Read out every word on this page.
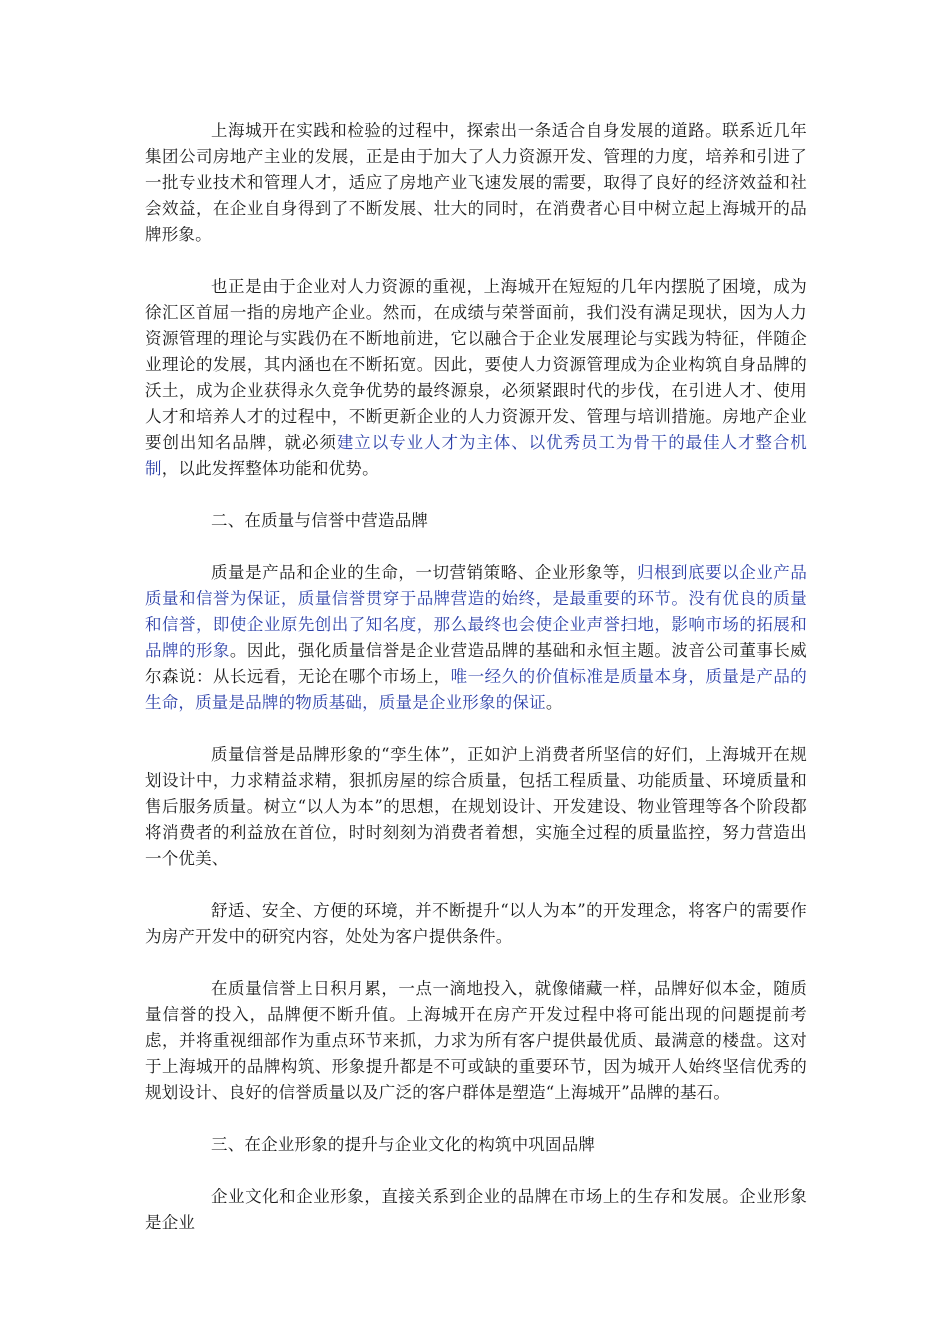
上海城开在实践和检验的过程中，探索出一条适合自身发展的道路。联系近几年集团公司房地产主业的发展，正是由于加大了人力资源开发、管理的力度，培养和引进了一批专业技术和管理人才，适应了房地产业飞速发展的需要，取得了良好的经济效益和社会效益，在企业自身得到了不断发展、壮大的同时，在消费者心目中树立起上海城开的品牌形象。

也正是由于企业对人力资源的重视，上海城开在短短的几年内摆脱了困境，成为徐汇区首屈一指的房地产企业。然而，在成绩与荣誉面前，我们没有满足现状，因为人力资源管理的理论与实践仍在不断地前进，它以融合于企业发展理论与实践为特征，伴随企业理论的发展，其内涵也在不断拓宽。因此，要使人力资源管理成为企业构筑自身品牌的沃土，成为企业获得永久竞争优势的最终源泉，必须紧跟时代的步伐，在引进人才、使用人才和培养人才的过程中，不断更新企业的人力资源开发、管理与培训措施。房地产企业要创出知名品牌，就必须建立以专业人才为主体、以优秀员工为骨干的最佳人才整合机制，以此发挥整体功能和优势。

二、在质量与信誉中营造品牌

质量是产品和企业的生命，一切营销策略、企业形象等，归根到底要以企业产品质量和信誉为保证，质量信誉贯穿于品牌营造的始终，是最重要的环节。没有优良的质量和信誉，即使企业原先创出了知名度，那么最终也会使企业声誉扫地，影响市场的拓展和品牌的形象。因此，强化质量信誉是企业营造品牌的基础和永恒主题。波音公司董事长威尔森说：从长远看，无论在哪个市场上，唯一经久的价值标准是质量本身，质量是产品的生命，质量是品牌的物质基础，质量是企业形象的保证。

质量信誉是品牌形象的“孪生体”，正如沪上消费者所坚信的好们，上海城开在规划设计中，力求精益求精，狠抓房屋的综合质量，包括工程质量、功能质量、环境质量和售后服务质量。树立“以人为本”的思想，在规划设计、开发建设、物业管理等各个阶段都将消费者的利益放在首位，时时刻刻为消费者着想，实施全过程的质量监控，努力营造出一个优美、

舒适、安全、方便的环境，并不断提升“以人为本”的开发理念，将客户的需要作为房产开发中的研究内容，处处为客户提供条件。

在质量信誉上日积月累，一点一滴地投入，就像储藏一样，品牌好似本金，随质量信誉的投入，品牌便不断升值。上海城开在房产开发过程中将可能出现的问题提前考虑，并将重视细部作为重点环节来抓，力求为所有客户提供最优质、最满意的楼盘。这对于上海城开的品牌构筑、形象提升都是不可或缺的重要环节，因为城开人始终坚信优秀的规划设计、良好的信誉质量以及广泛的客户群体是塑造“上海城开”品牌的基石。

三、在企业形象的提升与企业文化的构筑中巩固品牌

企业文化和企业形象，直接关系到企业的品牌在市场上的生存和发展。企业形象是企业
